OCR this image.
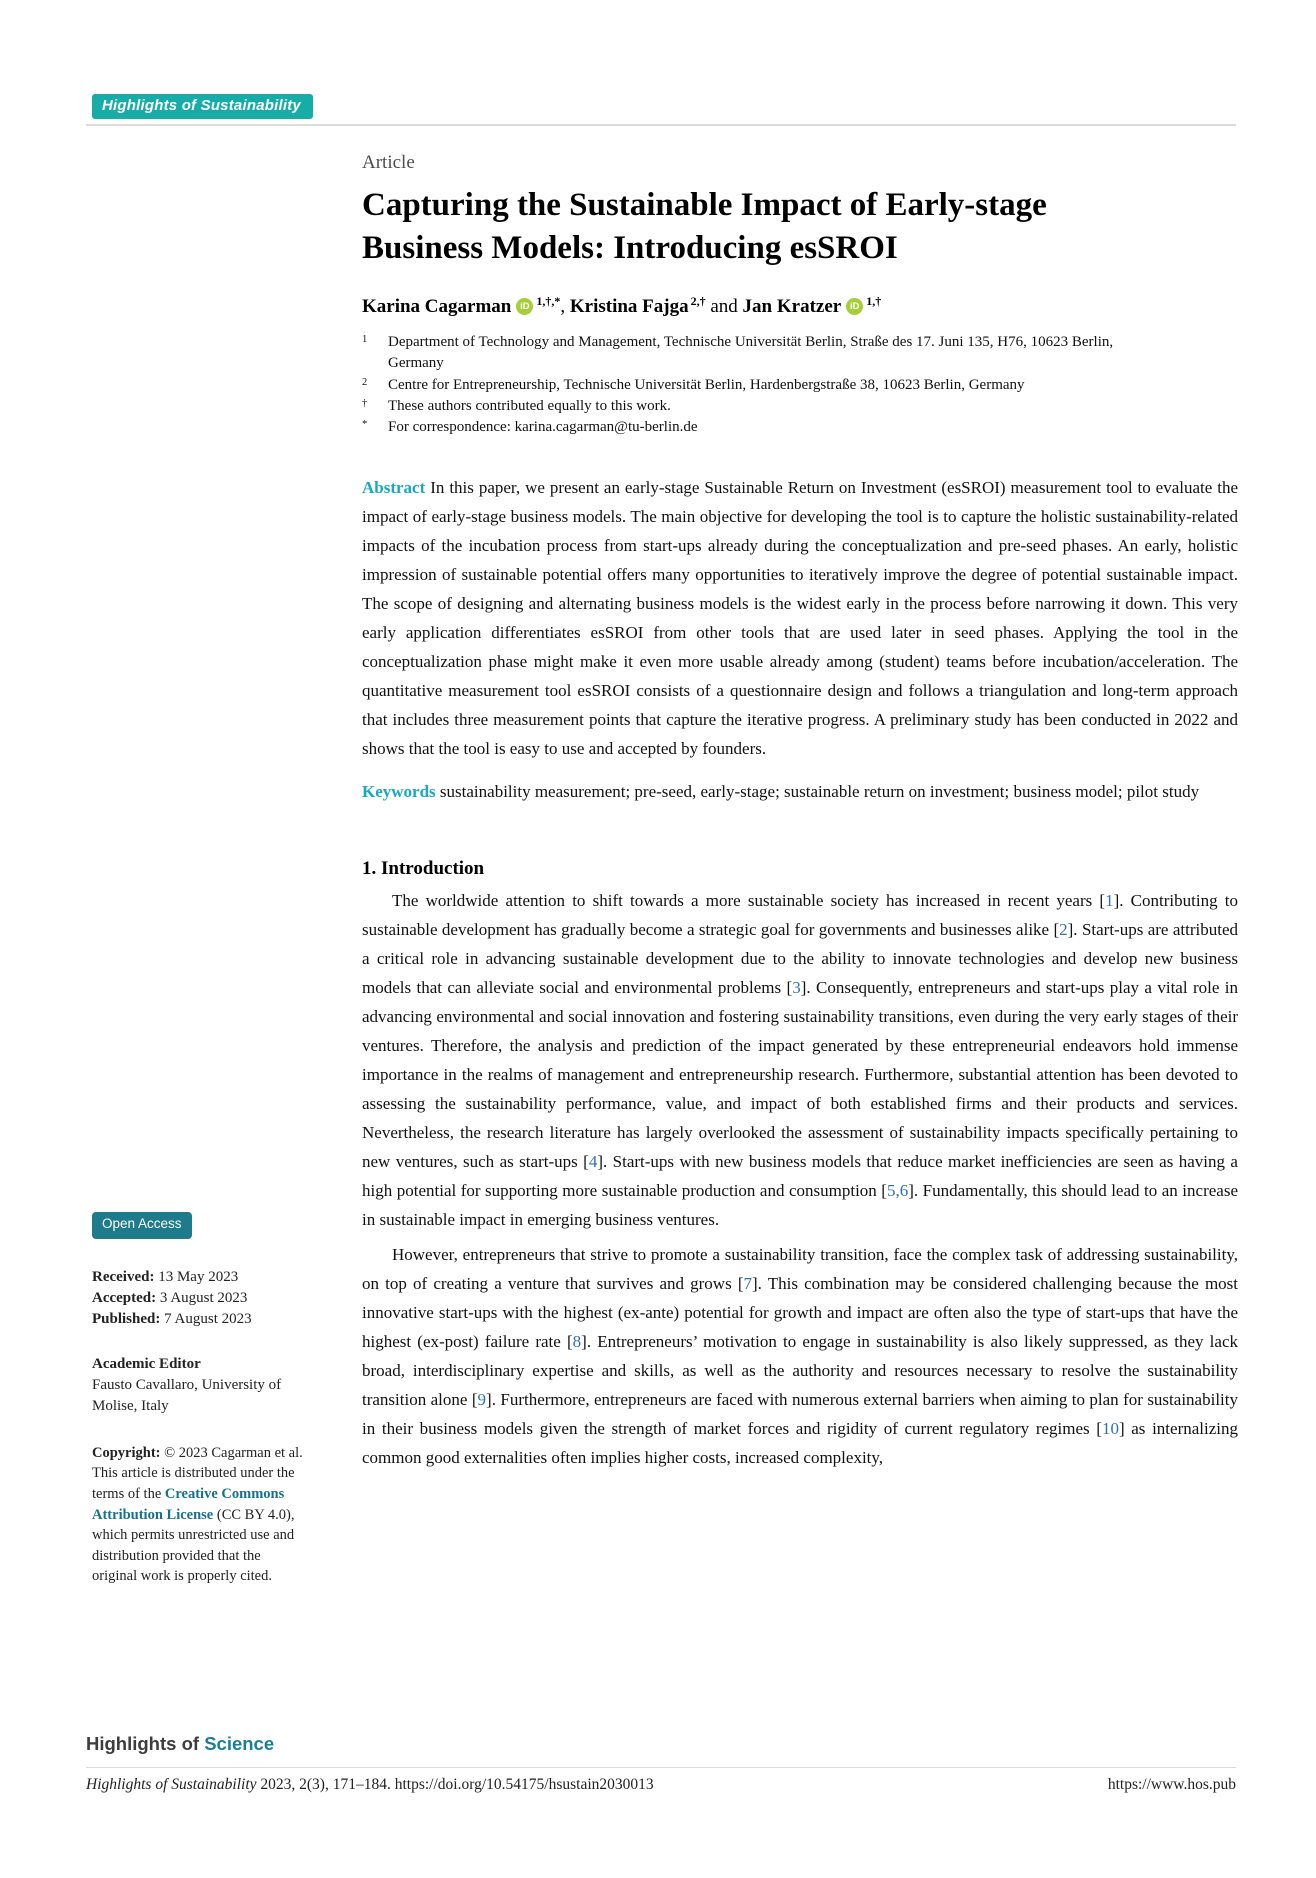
Highlights of Sustainability
Open Access
Received: 13 May 2023
Accepted: 3 August 2023
Published: 7 August 2023
Academic Editor
Fausto Cavallaro, University of Molise, Italy
Copyright: © 2023 Cagarman et al. This article is distributed under the terms of the Creative Commons Attribution License (CC BY 4.0), which permits unrestricted use and distribution provided that the original work is properly cited.
Article
Capturing the Sustainable Impact of Early-stage Business Models: Introducing esSROI
Karina Cagarman iD $^{1,\dagger,*}$, Kristina Fajga $^{2,\dagger}$ and Jan Kratzer iD $^{1,\dagger}$
1	Department of Technology and Management, Technische Universität Berlin, Straße des 17. Juni 135, H76, 10623 Berlin, Germany
2	Centre for Entrepreneurship, Technische Universität Berlin, Hardenbergstraße 38, 10623 Berlin, Germany
†	These authors contributed equally to this work.
*	For correspondence: karina.cagarman@tu-berlin.de
Abstract In this paper, we present an early-stage Sustainable Return on Investment (esSROI) measurement tool to evaluate the impact of early-stage business models. The main objective for developing the tool is to capture the holistic sustainability-related impacts of the incubation process from start-ups already during the conceptualization and pre-seed phases. An early, holistic impression of sustainable potential offers many opportunities to iteratively improve the degree of potential sustainable impact. The scope of designing and alternating business models is the widest early in the process before narrowing it down. This very early application differentiates esSROI from other tools that are used later in seed phases. Applying the tool in the conceptualization phase might make it even more usable already among (student) teams before incubation/acceleration. The quantitative measurement tool esSROI consists of a questionnaire design and follows a triangulation and long-term approach that includes three measurement points that capture the iterative progress. A preliminary study has been conducted in 2022 and shows that the tool is easy to use and accepted by founders.
Keywords sustainability measurement; pre-seed, early-stage; sustainable return on investment; business model; pilot study
1. Introduction

The worldwide attention to shift towards a more sustainable society has increased in recent years [1]. Contributing to sustainable development has gradually become a strategic goal for governments and businesses alike [2]. Start-ups are attributed a critical role in advancing sustainable development due to the ability to innovate technologies and develop new business models that can alleviate social and environmental problems [3]. Consequently, entrepreneurs and start-ups play a vital role in advancing environmental and social innovation and fostering sustainability transitions, even during the very early stages of their ventures. Therefore, the analysis and prediction of the impact generated by these entrepreneurial endeavors hold immense importance in the realms of management and entrepreneurship research. Furthermore, substantial attention has been devoted to assessing the sustainability performance, value, and impact of both established firms and their products and services. Nevertheless, the research literature has largely overlooked the assessment of sustainability impacts specifically pertaining to new ventures, such as start-ups [4]. Start-ups with new business models that reduce market inefficiencies are seen as having a high potential for supporting more sustainable production and consumption [5,6]. Fundamentally, this should lead to an increase in sustainable impact in emerging business ventures.

However, entrepreneurs that strive to promote a sustainability transition, face the complex task of addressing sustainability, on top of creating a venture that survives and grows [7]. This combination may be considered challenging because the most innovative start-ups with the highest (ex-ante) potential for growth and impact are often also the type of start-ups that have the highest (ex-post) failure rate [8]. Entrepreneurs’ motivation to engage in sustainability is also likely suppressed, as they lack broad, interdisciplinary expertise and skills, as well as the authority and resources necessary to resolve the sustainability transition alone [9]. Furthermore, entrepreneurs are faced with numerous external barriers when aiming to plan for sustainability in their business models given the strength of market forces and rigidity of current regulatory regimes [10] as internalizing common good externalities often implies higher costs, increased complexity,

Highlights of Science
Highlights of Sustainability 2023, 2(3), 171–184. https://doi.org/10.54175/hsustain2030013	https://www.hos.pub
